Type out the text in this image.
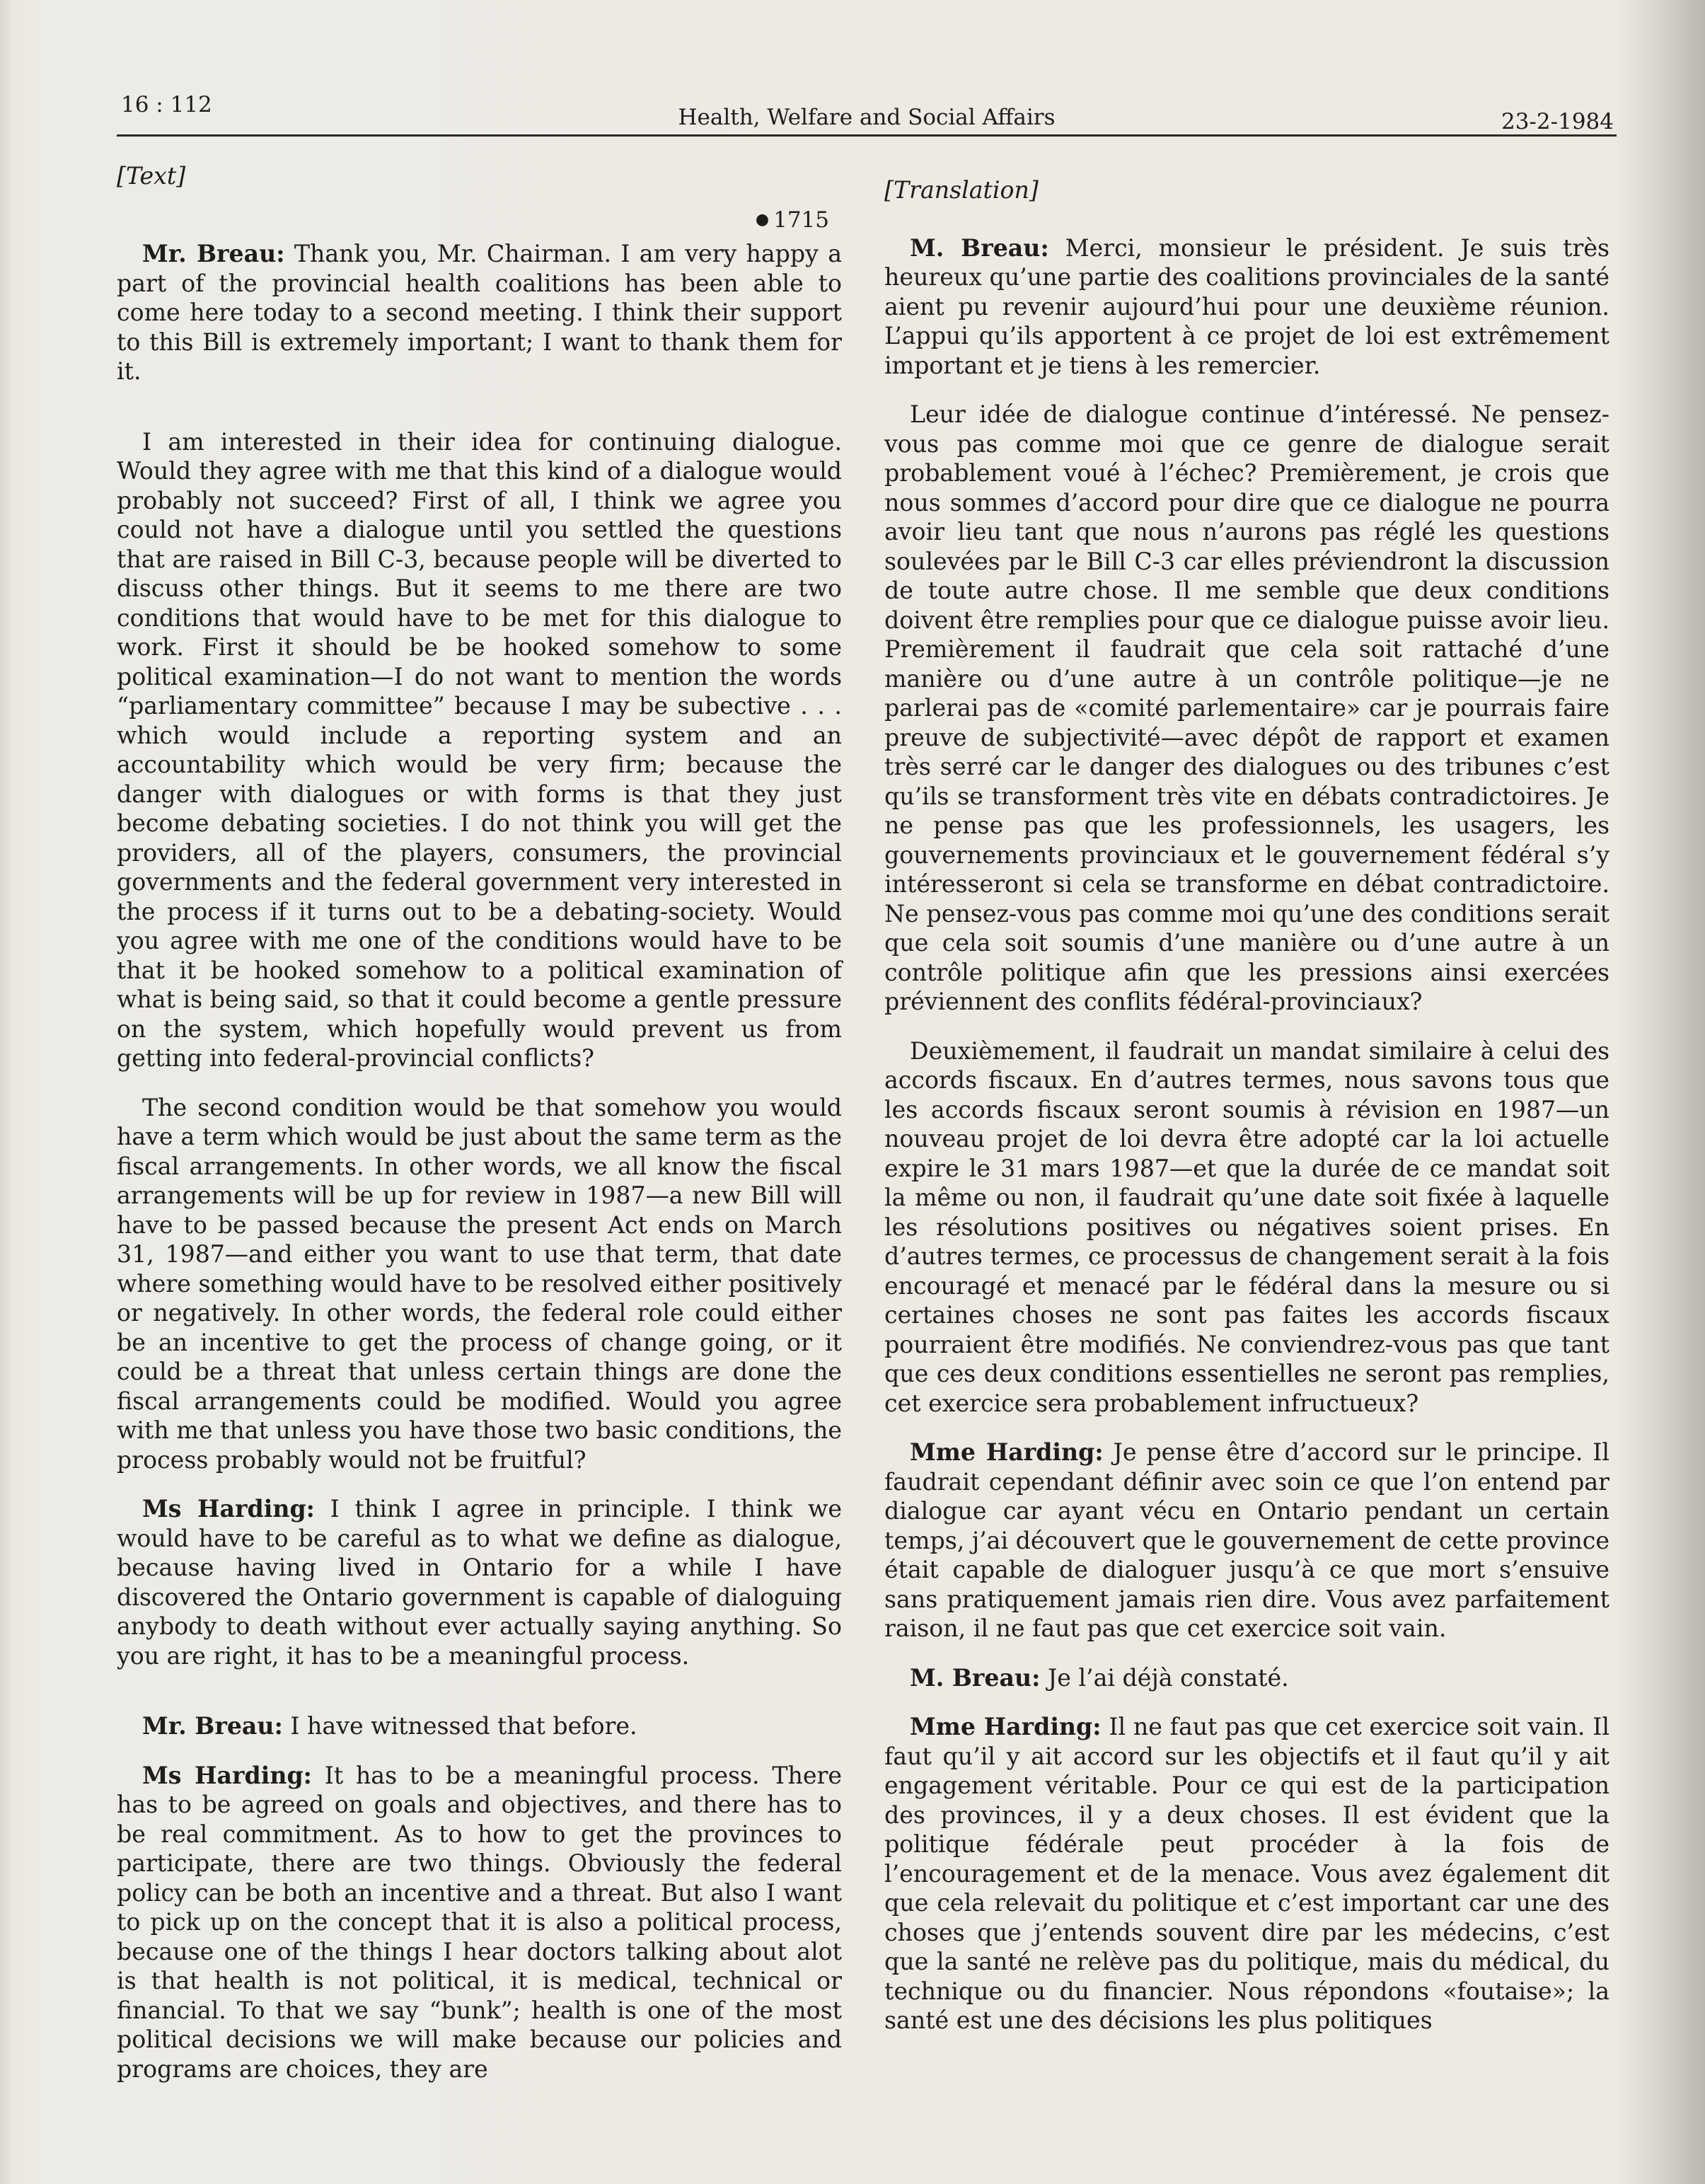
16 : 112	Health, Welfare and Social Affairs	23-2-1984
[Text]
● 1715

Mr. Breau: Thank you, Mr. Chairman. I am very happy a part of the provincial health coalitions has been able to come here today to a second meeting. I think their support to this Bill is extremely important; I want to thank them for it.

I am interested in their idea for continuing dialogue. Would they agree with me that this kind of a dialogue would probably not succeed? First of all, I think we agree you could not have a dialogue until you settled the questions that are raised in Bill C-3, because people will be diverted to discuss other things. But it seems to me there are two conditions that would have to be met for this dialogue to work. First it should be be hooked somehow to some political examination—I do not want to mention the words “parliamentary committee” because I may be subective . . . which would include a reporting system and an accountability which would be very firm; because the danger with dialogues or with forms is that they just become debating societies. I do not think you will get the providers, all of the players, consumers, the provincial governments and the federal government very interested in the process if it turns out to be a debating-society. Would you agree with me one of the conditions would have to be that it be hooked somehow to a political examination of what is being said, so that it could become a gentle pressure on the system, which hopefully would prevent us from getting into federal-provincial conflicts?

The second condition would be that somehow you would have a term which would be just about the same term as the fiscal arrangements. In other words, we all know the fiscal arrangements will be up for review in 1987—a new Bill will have to be passed because the present Act ends on March 31, 1987—and either you want to use that term, that date where something would have to be resolved either positively or negatively. In other words, the federal role could either be an incentive to get the process of change going, or it could be a threat that unless certain things are done the fiscal arrangements could be modified. Would you agree with me that unless you have those two basic conditions, the process probably would not be fruitful?

Ms Harding: I think I agree in principle. I think we would have to be careful as to what we define as dialogue, because having lived in Ontario for a while I have discovered the Ontario government is capable of dialoguing anybody to death without ever actually saying anything. So you are right, it has to be a meaningful process.

Mr. Breau: I have witnessed that before.

Ms Harding: It has to be a meaningful process. There has to be agreed on goals and objectives, and there has to be real commitment. As to how to get the provinces to participate, there are two things. Obviously the federal policy can be both an incentive and a threat. But also I want to pick up on the concept that it is also a political process, because one of the things I hear doctors talking about alot is that health is not political, it is medical, technical or financial. To that we say “bunk”; health is one of the most political decisions we will make because our policies and programs are choices, they are

[Translation]

M. Breau: Merci, monsieur le président. Je suis très heureux qu’une partie des coalitions provinciales de la santé aient pu revenir aujourd’hui pour une deuxième réunion. L’appui qu’ils apportent à ce projet de loi est extrêmement important et je tiens à les remercier.

Leur idée de dialogue continue d’intéressé. Ne pensez-vous pas comme moi que ce genre de dialogue serait probablement voué à l’échec? Premièrement, je crois que nous sommes d’accord pour dire que ce dialogue ne pourra avoir lieu tant que nous n’aurons pas réglé les questions soulevées par le Bill C-3 car elles préviendront la discussion de toute autre chose. Il me semble que deux conditions doivent être remplies pour que ce dialogue puisse avoir lieu. Premièrement il faudrait que cela soit rattaché d’une manière ou d’une autre à un contrôle politique—je ne parlerai pas de «comité parlementaire» car je pourrais faire preuve de subjectivité—avec dépôt de rapport et examen très serré car le danger des dialogues ou des tribunes c’est qu’ils se transforment très vite en débats contradictoires. Je ne pense pas que les professionnels, les usagers, les gouvernements provinciaux et le gouvernement fédéral s’y intéresseront si cela se transforme en débat contradictoire. Ne pensez-vous pas comme moi qu’une des conditions serait que cela soit soumis d’une manière ou d’une autre à un contrôle politique afin que les pressions ainsi exercées préviennent des conflits fédéral-provinciaux?

Deuxièmement, il faudrait un mandat similaire à celui des accords fiscaux. En d’autres termes, nous savons tous que les accords fiscaux seront soumis à révision en 1987—un nouveau projet de loi devra être adopté car la loi actuelle expire le 31 mars 1987—et que la durée de ce mandat soit la même ou non, il faudrait qu’une date soit fixée à laquelle les résolutions positives ou négatives soient prises. En d’autres termes, ce processus de changement serait à la fois encouragé et menacé par le fédéral dans la mesure ou si certaines choses ne sont pas faites les accords fiscaux pourraient être modifiés. Ne conviendrez-vous pas que tant que ces deux conditions essentielles ne seront pas remplies, cet exercice sera probablement infructueux?

Mme Harding: Je pense être d’accord sur le principe. Il faudrait cependant définir avec soin ce que l’on entend par dialogue car ayant vécu en Ontario pendant un certain temps, j’ai découvert que le gouvernement de cette province était capable de dialoguer jusqu’à ce que mort s’ensuive sans pratiquement jamais rien dire. Vous avez parfaitement raison, il ne faut pas que cet exercice soit vain.

M. Breau: Je l’ai déjà constaté.

Mme Harding: Il ne faut pas que cet exercice soit vain. Il faut qu’il y ait accord sur les objectifs et il faut qu’il y ait engagement véritable. Pour ce qui est de la participation des provinces, il y a deux choses. Il est évident que la politique fédérale peut procéder à la fois de l’encouragement et de la menace. Vous avez également dit que cela relevait du politique et c’est important car une des choses que j’entends souvent dire par les médecins, c’est que la santé ne relève pas du politique, mais du médical, du technique ou du financier. Nous répondons «foutaise»; la santé est une des décisions les plus politiques
